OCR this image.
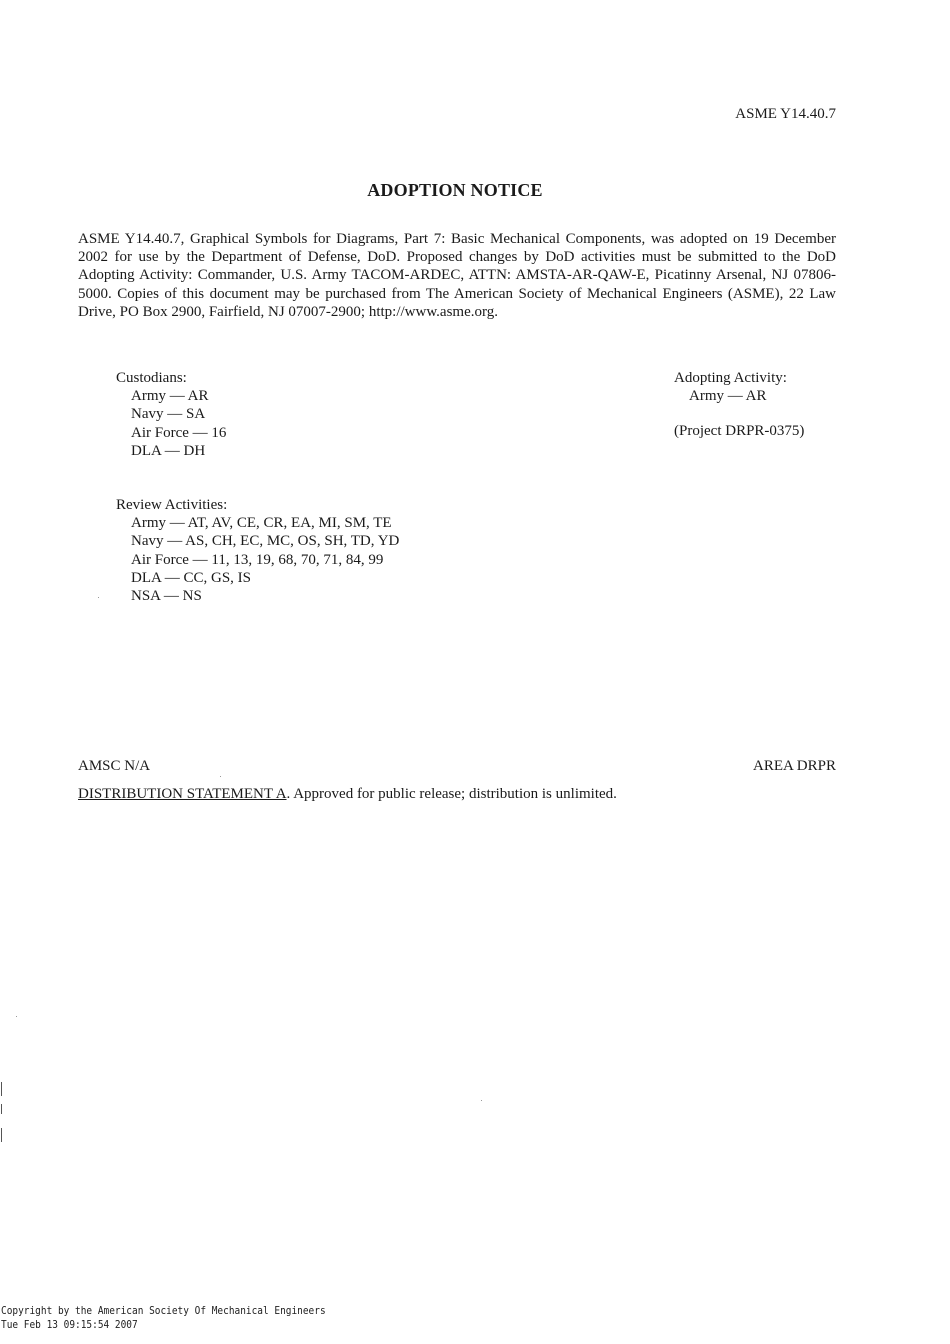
ASME Y14.40.7
ADOPTION NOTICE
ASME Y14.40.7, Graphical Symbols for Diagrams, Part 7: Basic Mechanical Components, was adopted on 19 December 2002 for use by the Department of Defense, DoD. Proposed changes by DoD activities must be submitted to the DoD Adopting Activity: Commander, U.S. Army TACOM-ARDEC, ATTN: AMSTA-AR-QAW-E, Picatinny Arsenal, NJ 07806-5000. Copies of this document may be purchased from The American Society of Mechanical Engineers (ASME), 22 Law Drive, PO Box 2900, Fairfield, NJ 07007-2900; http://www.asme.org.
Custodians:
Army — AR
Navy — SA
Air Force — 16
DLA — DH
Adopting Activity:
Army — AR
(Project DRPR-0375)
Review Activities:
Army — AT, AV, CE, CR, EA, MI, SM, TE
Navy — AS, CH, EC, MC, OS, SH, TD, YD
Air Force — 11, 13, 19, 68, 70, 71, 84, 99
DLA — CC, GS, IS
NSA — NS
AMSC N/A	AREA DRPR
DISTRIBUTION STATEMENT A. Approved for public release; distribution is unlimited.
Copyright by the American Society Of Mechanical Engineers
Tue Feb 13 09:15:54 2007
